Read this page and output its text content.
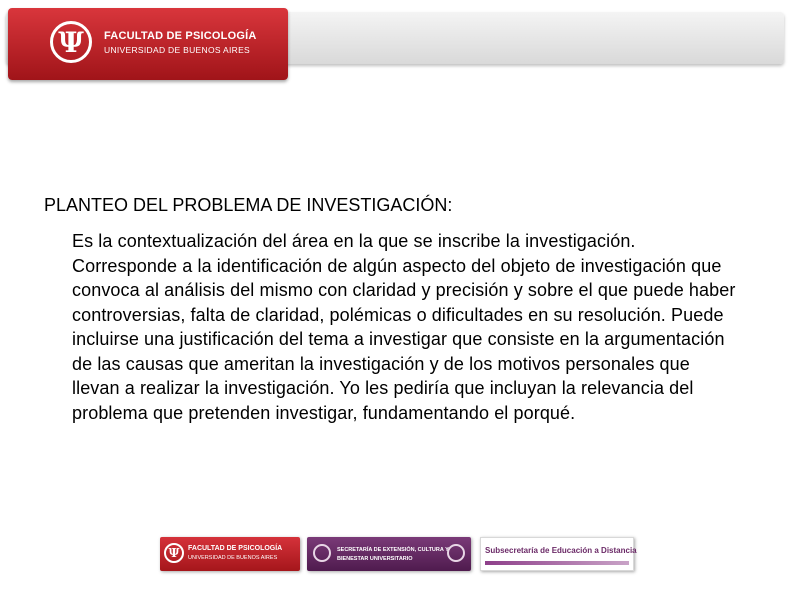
Ψ	FACULTAD DE PSICOLOGÍA
UNIVERSIDAD DE BUENOS AIRES
PLANTEO DEL PROBLEMA DE INVESTIGACIÓN:

Es la contextualización del área en la que se inscribe la investigación. Corresponde a la identificación de algún aspecto del objeto de investigación que convoca al análisis del mismo con claridad y precisión y sobre el que puede haber controversias, falta de claridad, polémicas o dificultades en su resolución. Puede incluirse una justificación del tema a investigar que consiste en la argumentación de las causas que ameritan la investigación y de los motivos personales que llevan a realizar la investigación. Yo les pediría que incluyan la relevancia del problema que pretenden investigar, fundamentando el porqué.

Ψ	FACULTAD DE PSICOLOGÍA
UNIVERSIDAD DE BUENOS AIRES
SECRETARÍA DE EXTENSIÓN, CULTURA Y
BIENESTAR UNIVERSITARIO
Subsecretaría de Educación a Distancia
